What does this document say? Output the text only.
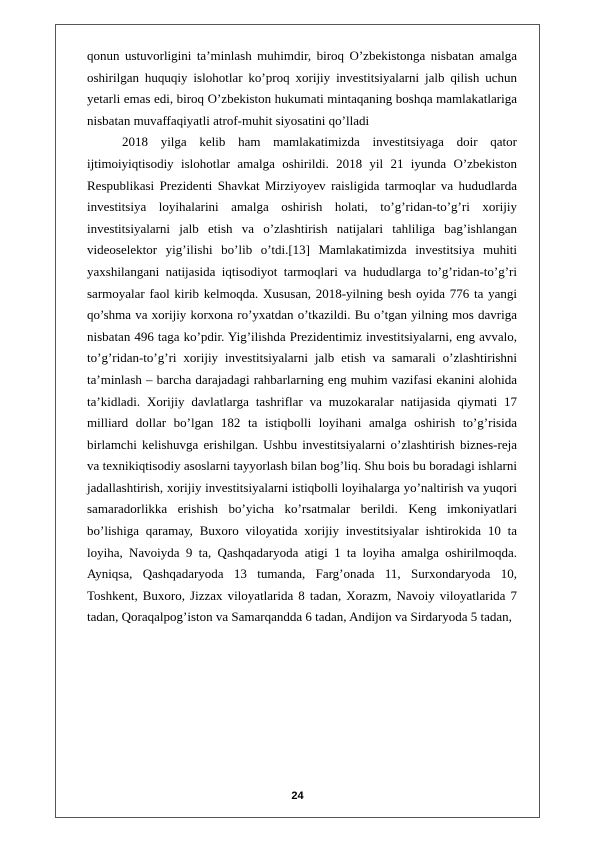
qonun ustuvorligini ta’minlash muhimdir, biroq O’zbekistonga nisbatan amalga oshirilgan huquqiy islohotlar ko’proq xorijiy investitsiyalarni jalb qilish uchun yetarli emas edi, biroq O’zbekiston hukumati mintaqaning boshqa mamlakatlariga nisbatan muvaffaqiyatli atrof-muhit siyosatini qo’lladi

2018 yilga kelib ham mamlakatimizda investitsiyaga doir qator ijtimoiyiqtisodiy islohotlar amalga oshirildi. 2018 yil 21 iyunda O’zbekiston Respublikasi Prezidenti Shavkat Mirziyoyev raisligida tarmoqlar va hududlarda investitsiya loyihalarini amalga oshirish holati, to’g’ridan-to’g’ri xorijiy investitsiyalarni jalb etish va o’zlashtirish natijalari tahliliga bag’ishlangan videoselektor yig’ilishi bo’lib o’tdi.[13] Mamlakatimizda investitsiya muhiti yaxshilangani natijasida iqtisodiyot tarmoqlari va hududlarga to’g’ridan-to’g’ri sarmoyalar faol kirib kelmoqda. Xususan, 2018-yilning besh oyida 776 ta yangi qo’shma va xorijiy korxona ro’yxatdan o’tkazildi. Bu o’tgan yilning mos davriga nisbatan 496 taga ko’pdir. Yig’ilishda Prezidentimiz investitsiyalarni, eng avvalo, to’g’ridan-to’g’ri xorijiy investitsiyalarni jalb etish va samarali o’zlashtirishni ta’minlash – barcha darajadagi rahbarlarning eng muhim vazifasi ekanini alohida ta’kidladi. Xorijiy davlatlarga tashriflar va muzokaralar natijasida qiymati 17 milliard dollar bo’lgan 182 ta istiqbolli loyihani amalga oshirish to’g’risida birlamchi kelishuvga erishilgan. Ushbu investitsiyalarni o’zlashtirish biznes-reja va texnikiqtisodiy asoslarni tayyorlash bilan bog’liq. Shu bois bu boradagi ishlarni jadallashtirish, xorijiy investitsiyalarni istiqbolli loyihalarga yo’naltirish va yuqori samaradorlikka erishish bo’yicha ko’rsatmalar berildi. Keng imkoniyatlari bo’lishiga qaramay, Buxoro viloyatida xorijiy investitsiyalar ishtirokida 10 ta loyiha, Navoiyda 9 ta, Qashqadaryoda atigi 1 ta loyiha amalga oshirilmoqda. Ayniqsa, Qashqadaryoda 13 tumanda, Farg’onada 11, Surxondaryoda 10, Toshkent, Buxoro, Jizzax viloyatlarida 8 tadan, Xorazm, Navoiy viloyatlarida 7 tadan, Qoraqalpog’iston va Samarqandda 6 tadan, Andijon va Sirdaryoda 5 tadan,

24
